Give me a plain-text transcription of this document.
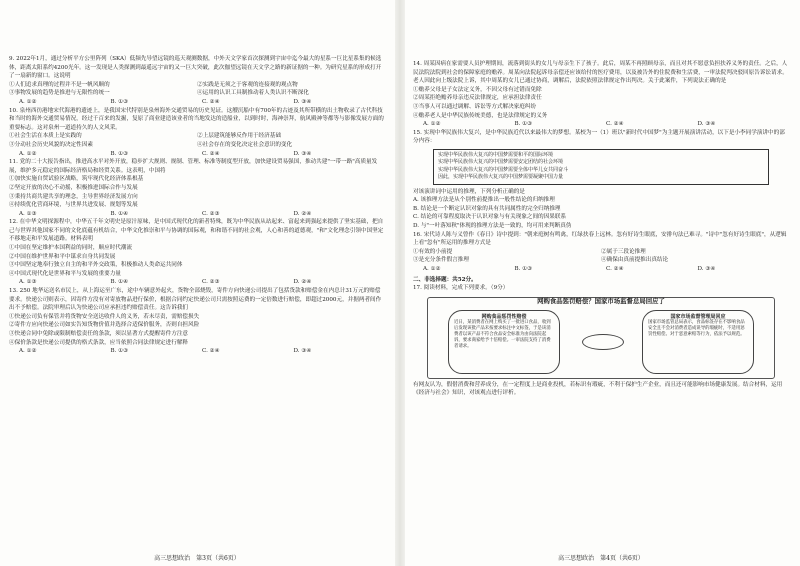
9. 2022年1月，通过分析平方公里阵列（SKA）低频先导望远镜的巡天观测数据，中外天文学家首次探测到宇宙中迄今最大的星系一巨比星系集的候选体，距离太阳系约4200光年。这一发现是人类探测到最遥远宇宙的又一巨大突破，此次伽望远镜在天文学之路的新证据的一种。为研究星系的形成打开了一扇新的窗口。这说明
①人们追求真理的过程并不是一帆风顺的	②实践是无须之于客观的连接观的观点物
③事物发展的趋势是推进与无限性的统一	④运用的认识工具制推动着人类认识不断深化
A. ①②	B. ①③	C. ②④	D. ③④
10. 泉州西彷港地宋代海港的遗迹上，是我国宋代特别是泉州海外交通贸易的历史见证。这艘沉船中有700年的古迹及其所带横的出土物收录了古代科技和当时的海外交通贸易情况，经过千百来的发掘，复原了商业建造该业者的当地发达的造船业，以到时时，海神崇拜，航风殿神等都等与影像发展方面的重要标志。这对泉州一道道持久的人文风采。
①社会生活在本质上是实践的	②上层建筑能够反作用于经济基础
③分动社会历史风貌的决定性因素	④社会存在的变化决定社会意识的变化
A. ①②	B. ①③	C. ②④	D. ③④
11. 党的二十大报告指出，推进高水平对外开放，稳步扩大规则、规制、管理、标准等制度型开放，加快建设贸易强国，推动共建"一带一路"高质量发展，维护多元稳定的国际经济格局和经贸关系。这表明，中国将
①加快实施自贸试验区战略，筑牢现代化经济体系根基
②坚定开放的决心不动摇，积极推进国际合作与发展
③秉持共商共建共享的理念，主导世界经济发展方向
④持续优化营商环境，与世界共进发展、规划等发展
A. ①③	B. ①④	C. ②③	D. ②④
12. 在中华文明探源程中，中华五千年文明史是原汁原味，是中国式现代化的新者特殊，既为中华民族从站起来、富起来到强起来提供了坚实基础，把自己与世界其他国家不同的文化底蕴有机结合，中华文化推崇和平与协调的国际观，和和谐不同的社会观，人心和善的道德观，"和"文化理念引领中国坚定不移地走和平发展道路。材料表明
①中国在坚定维护本国利益的同时，顺应时代潮流
②中国在维护世界和平中谋求自身共同发展
③中国坚定地奉行独立自主的和平外交政策，积极推动人类命运共同体
④中国式现代化是世界和平与发展的重要力量
A. ①③	B. ①④	C. ②③	D. ②④
13. 250 地华运送名市民上，从上海运至广东，途中车辆意外起火，货物全部烧毁，寄件方向快递公司提出了包括货款和赔偿金在内总计31万元的赔偿要求。快递公司则表示，因寄件方没有对寄放物品进行保价，根据合同约定快递公司只需按照运费的一定倍数进行赔偿，即超过2000元，并据两者间作出不予赔偿。法院审理后认为快递公司应承担违约赔偿责任。这告诉我们
①快递公司负有保管并将货物安全送达收件人的义务，若未尽责，需赔偿损失
②寄件方应向快递公司如实告知货物价值并选择合适保价服务，否则自担风险
③快递合同中免除或限制赔偿责任的条款，须以显著方式提醒寄件方注意
④保价条款是快递公司提供的格式条款，应当依照合同法律规定进行解释
A. ①②	B. ①③	C. ②④	D. ③④
高三思想政治　第3页（共6页）
14. 周某因病在家需要人员护理期间，流落到街头的女儿与母亲生下了孩子。此后，周某不再照顾母亲，而且对其不愿意负担扶养义务的责任。之后，人民法院法院到社会的保障家庭的赡养。周某向法院起诉母亲偿还应该给付的医疗费用，以及被告外的住院费和生活费，一审法院判决驳回原告诉讼请求。老人因此向上级法院上诉，其中周某的女儿已通过协商，调解后，法院依照法律规定作出判决。关于此案件，下列说法正确的是
①赡养父母是子女法定义务，不因父母有过错而免除
②周某拒绝赡养母亲违反法律规定，应承担法律责任
③当事人可以通过调解、诉讼等方式解决家庭纠纷
④赡养老人是中华民族传统美德，也是法律规定的义务
A. ①②	B. ①③	C. ②④	D. ③④
15. 实现中华民族伟大复兴，是中华民族近代以来最伟大的梦想。某校为一（1）班以"新时代中国梦"为主题开展演讲活动，以下是小李同学演讲中的部分内容：
实现中华民族伟大复兴的中国梦需要和平的国际环境
实现中华民族伟大复兴的中国梦需要安定团结的社会环境
实现中华民族伟大复兴的中国梦需要全体中华儿女共同奋斗
因此，实现中华民族伟大复兴的中国梦需要凝聚中国力量
对该演讲词中运用的推理，下列分析正确的是
A. 该推理方法是从个别性前提推出一般性结论的归纳推理
B. 结论是一个断定认识对象的具有共同属性的完全归纳推理
C. 结论的可靠程度取决于认识对象与有关现象之间的因果联系
D. 与"一叶落知秋"体现的推理方法是一致的，均可用来判断真伪
16. 宋代诗人陈与义曾作《春日》诗中提到："朝来庭树有鸣禽，红绿扶春上远林。忽有好诗生眼底，安排句法已难寻。"诗中"忽有好诗生眼底"，从逻辑上看"忽有"所运用的推理方式是
①有效的小前提	②属于三段论推理
③是充分条件假言推理	④确保由真前提推出真结论
A. ①②	B. ①③	C. ②④	D. ③④
二、非选择题：共52分。
17. 阅读材料，完成下列要求。（9分）
网购食品惩罚赔偿？国家市场监督总局回应了
网购食品惩罚性赔偿
近日，某消费者在网上购买了一批进口食品，收到后发现该批产品未按要求标注中文标签，于是该消费者以该产品不符合食品安全标准为由向法院起诉，要求商家给予十倍赔偿。一审法院支持了消费者请求。
国家市场监督管理局回应
国家市场监管总局表示，食品标签存在不影响食品安全且不会对消费者造成误导的瑕疵时，不适用惩罚性赔偿。对于恶意索赔等行为，依法予以规范。
有网友认为，假借消费和营养成分，在一定程度上是商业投机，若标识有瑕疵，不利于保护生产企业，而且还可能影响市场健康发展。结合材料，运用《经济与社会》知识，对该观点进行评析。
高三思想政治　第4页（共6页）
